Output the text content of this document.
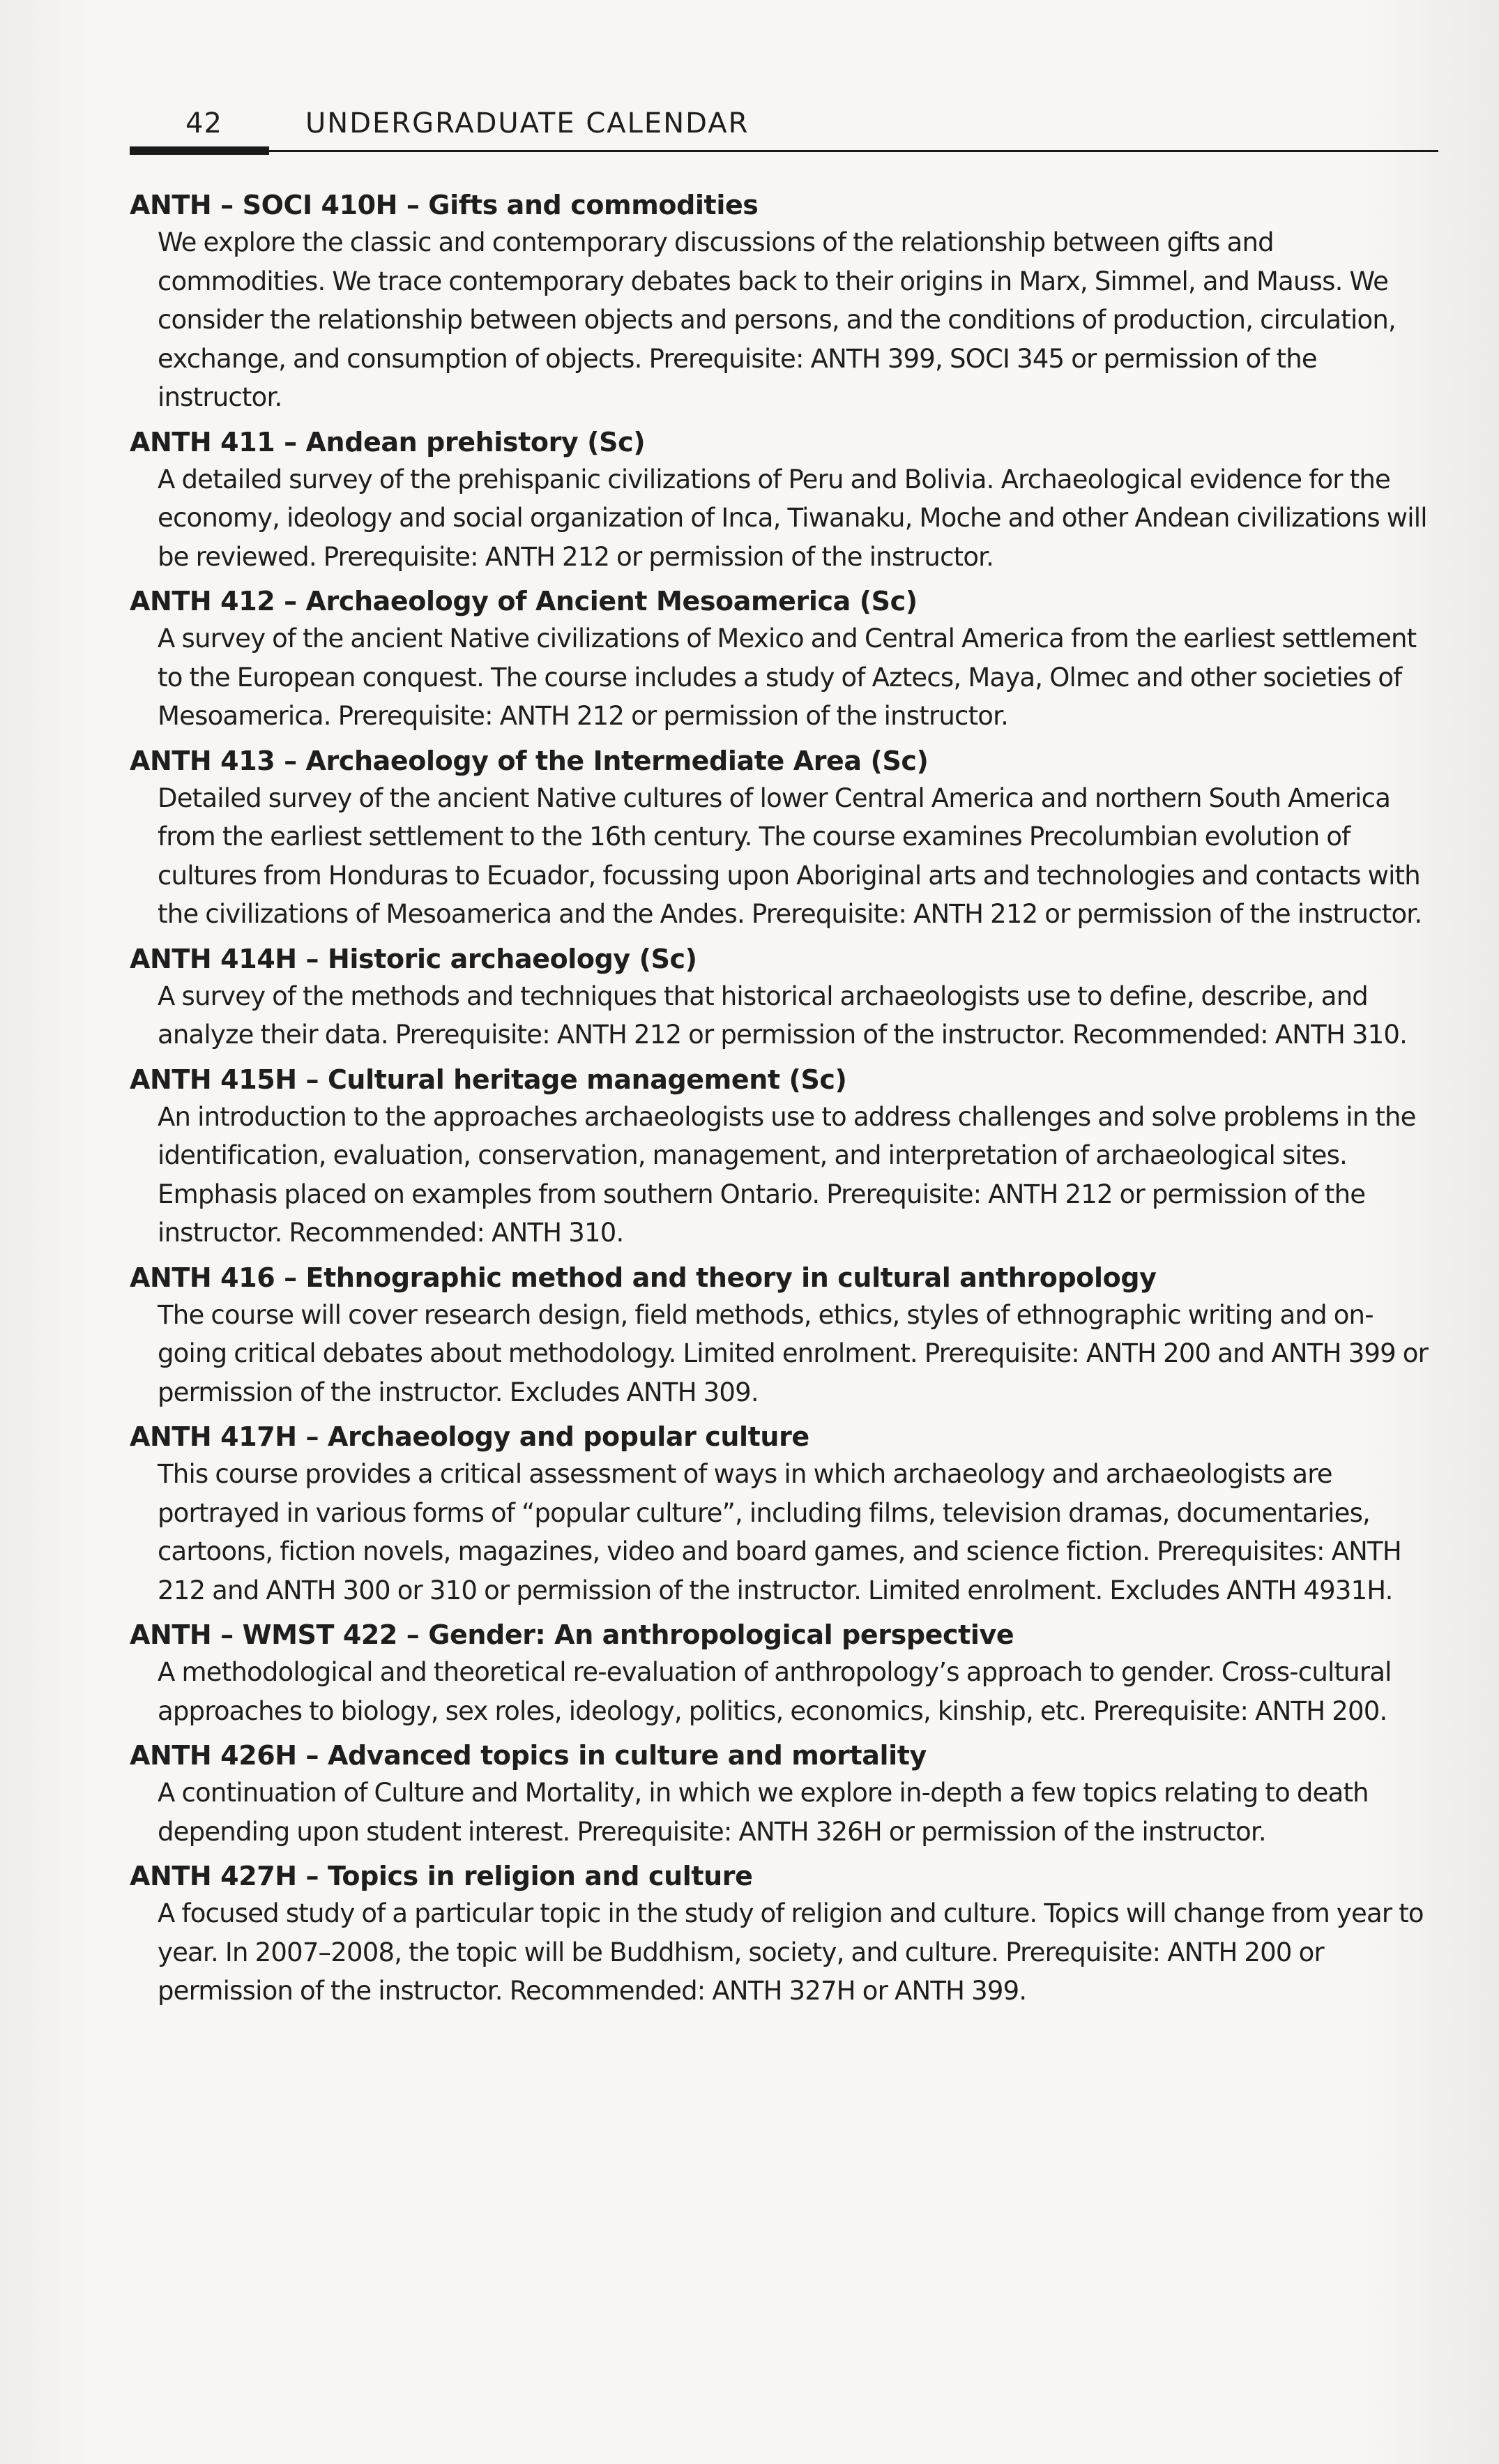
42	UNDERGRADUATE CALENDAR
ANTH – SOCI 410H – Gifts and commodities
We explore the classic and contemporary discussions of the relationship between gifts and commodities. We trace contemporary debates back to their origins in Marx, Simmel, and Mauss. We consider the relationship between objects and persons, and the conditions of production, circulation, exchange, and consumption of objects. Prerequisite: ANTH 399, SOCI 345 or permission of the instructor.
ANTH 411 – Andean prehistory (Sc)
A detailed survey of the prehispanic civilizations of Peru and Bolivia. Archaeological evidence for the economy, ideology and social organization of Inca, Tiwanaku, Moche and other Andean civilizations will be reviewed. Prerequisite: ANTH 212 or permission of the instructor.
ANTH 412 – Archaeology of Ancient Mesoamerica (Sc)
A survey of the ancient Native civilizations of Mexico and Central America from the earliest settlement to the European conquest. The course includes a study of Aztecs, Maya, Olmec and other societies of Mesoamerica. Prerequisite: ANTH 212 or permission of the instructor.
ANTH 413 – Archaeology of the Intermediate Area (Sc)
Detailed survey of the ancient Native cultures of lower Central America and northern South America from the earliest settlement to the 16th century. The course examines Precolumbian evolution of cultures from Honduras to Ecuador, focussing upon Aboriginal arts and technologies and contacts with the civilizations of Mesoamerica and the Andes. Prerequisite: ANTH 212 or permission of the instructor.
ANTH 414H – Historic archaeology (Sc)
A survey of the methods and techniques that historical archaeologists use to define, describe, and analyze their data. Prerequisite: ANTH 212 or permission of the instructor. Recommended: ANTH 310.
ANTH 415H – Cultural heritage management (Sc)
An introduction to the approaches archaeologists use to address challenges and solve problems in the identification, evaluation, conservation, management, and interpretation of archaeological sites. Emphasis placed on examples from southern Ontario. Prerequisite: ANTH 212 or permission of the instructor. Recommended: ANTH 310.
ANTH 416 – Ethnographic method and theory in cultural anthropology
The course will cover research design, field methods, ethics, styles of ethnographic writing and on-going critical debates about methodology. Limited enrolment. Prerequisite: ANTH 200 and ANTH 399 or permission of the instructor. Excludes ANTH 309.
ANTH 417H – Archaeology and popular culture
This course provides a critical assessment of ways in which archaeology and archaeologists are portrayed in various forms of “popular culture”, including films, television dramas, documentaries, cartoons, fiction novels, magazines, video and board games, and science fiction. Prerequisites: ANTH 212 and ANTH 300 or 310 or permission of the instructor. Limited enrolment. Excludes ANTH 4931H.
ANTH – WMST 422 – Gender: An anthropological perspective
A methodological and theoretical re-evaluation of anthropology’s approach to gender. Cross-cultural approaches to biology, sex roles, ideology, politics, economics, kinship, etc. Prerequisite: ANTH 200.
ANTH 426H – Advanced topics in culture and mortality
A continuation of Culture and Mortality, in which we explore in-depth a few topics relating to death depending upon student interest. Prerequisite: ANTH 326H or permission of the instructor.
ANTH 427H – Topics in religion and culture
A focused study of a particular topic in the study of religion and culture. Topics will change from year to year. In 2007–2008, the topic will be Buddhism, society, and culture. Prerequisite: ANTH 200 or permission of the instructor. Recommended: ANTH 327H or ANTH 399.
